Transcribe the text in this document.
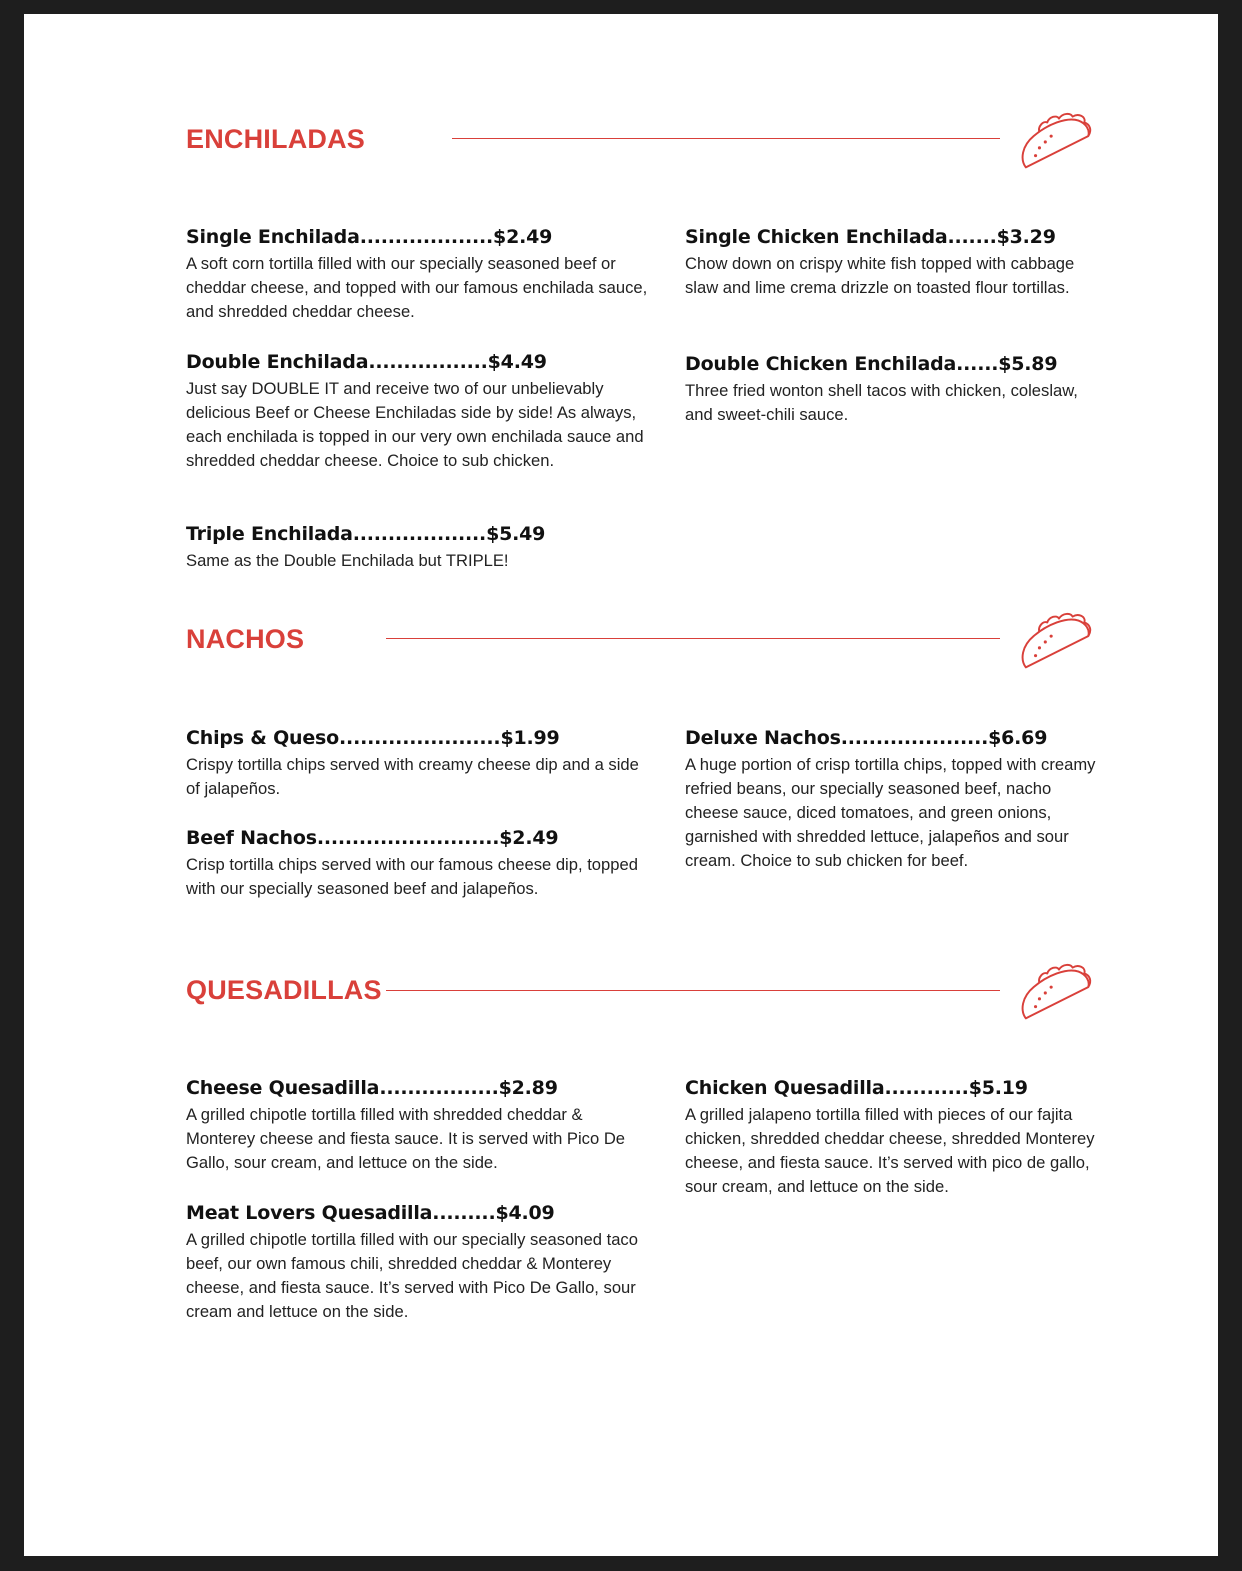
ENCHILADAS

Single Enchilada...................$2.49

A soft corn tortilla filled with our specially seasoned beef or cheddar cheese, and topped with our famous enchilada sauce, and shredded cheddar cheese.

Double Enchilada.................$4.49

Just say DOUBLE IT and receive two of our unbelievably delicious Beef or Cheese Enchiladas side by side! As always, each enchilada is topped in our very own enchilada sauce and shredded cheddar cheese. Choice to sub chicken.

Triple Enchilada...................$5.49

Same as the Double Enchilada but TRIPLE!

Single Chicken Enchilada.......$3.29

Chow down on crispy white fish topped with cabbage slaw and lime crema drizzle on toasted flour tortillas.

Double Chicken Enchilada......$5.89

Three fried wonton shell tacos with chicken, coleslaw, and sweet-chili sauce.

NACHOS

Chips & Queso.......................$1.99

Crispy tortilla chips served with creamy cheese dip and a side of jalapeños.

Beef Nachos..........................$2.49

Crisp tortilla chips served with our famous cheese dip, topped with our specially seasoned beef and jalapeños.

Deluxe Nachos.....................$6.69

A huge portion of crisp tortilla chips, topped with creamy refried beans, our specially seasoned beef, nacho cheese sauce, diced tomatoes, and green onions, garnished with shredded lettuce, jalapeños and sour cream. Choice to sub chicken for beef.

QUESADILLAS

Cheese Quesadilla.................$2.89

A grilled chipotle tortilla filled with shredded cheddar & Monterey cheese and fiesta sauce. It is served with Pico De Gallo, sour cream, and lettuce on the side.

Meat Lovers Quesadilla.........$4.09

A grilled chipotle tortilla filled with our specially seasoned taco beef, our own famous chili, shredded cheddar & Monterey cheese, and fiesta sauce. It’s served with Pico De Gallo, sour cream and lettuce on the side.

Chicken Quesadilla............$5.19

A grilled jalapeno tortilla filled with pieces of our fajita chicken, shredded cheddar cheese, shredded Monterey cheese, and fiesta sauce. It’s served with pico de gallo, sour cream, and lettuce on the side.
